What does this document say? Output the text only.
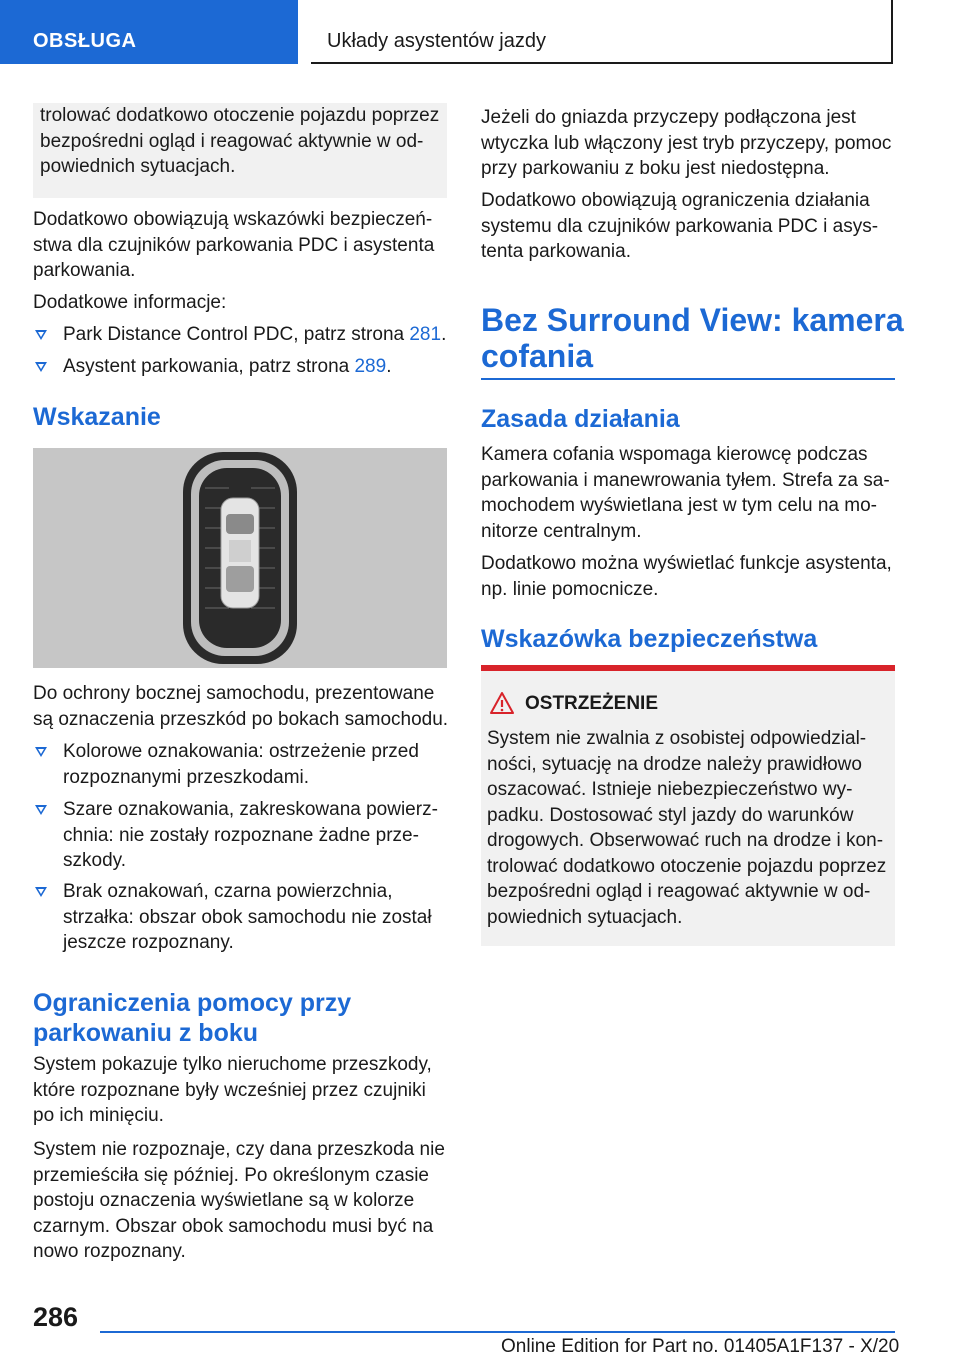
OBSŁUGA	Układy asystentów jazdy

trolować dodatkowo otoczenie pojazdu poprzez

bezpośredni ogląd i reagować aktywnie w od-

powiednich sytuacjach.

Dodatkowo obowiązują wskazówki bezpieczeń-

stwa dla czujników parkowania PDC i asystenta

parkowania.

Dodatkowe informacje:

Park Distance Control PDC, patrz strona 281.
Asystent parkowania, patrz strona 289.
Wskazanie

Do ochrony bocznej samochodu, prezentowane

są oznaczenia przeszkód po bokach samochodu.

Kolorowe oznakowania: ostrzeżenie przed
rozpoznanymi przeszkodami.
Szare oznakowania, zakreskowana powierz-
chnia: nie zostały rozpoznane żadne prze-
szkody.
Brak oznakowań, czarna powierzchnia,
strzałka: obszar obok samochodu nie został
jeszcze rozpoznany.
Ograniczenia pomocy przy
parkowaniu z boku

System pokazuje tylko nieruchome przeszkody,

które rozpoznane były wcześniej przez czujniki

po ich minięciu.

System nie rozpoznaje, czy dana przeszkoda nie

przemieściła się później. Po określonym czasie

postoju oznaczenia wyświetlane są w kolorze

czarnym. Obszar obok samochodu musi być na

nowo rozpoznany.

Jeżeli do gniazda przyczepy podłączona jest

wtyczka lub włączony jest tryb przyczepy, pomoc

przy parkowaniu z boku jest niedostępna.

Dodatkowo obowiązują ograniczenia działania

systemu dla czujników parkowania PDC i asys-

tenta parkowania.

Bez Surround View: kamera
cofania
Zasada działania

Kamera cofania wspomaga kierowcę podczas

parkowania i manewrowania tyłem. Strefa za sa-

mochodem wyświetlana jest w tym celu na mo-

nitorze centralnym.

Dodatkowo można wyświetlać funkcje asystenta,

np. linie pomocnicze.

Wskazówka bezpieczeństwa
OSTRZEŻENIE

System nie zwalnia z osobistej odpowiedzial-

ności, sytuację na drodze należy prawidłowo

oszacować. Istnieje niebezpieczeństwo wy-

padku. Dostosować styl jazdy do warunków

drogowych. Obserwować ruch na drodze i kon-

trolować dodatkowo otoczenie pojazdu poprzez

bezpośredni ogląd i reagować aktywnie w od-

powiednich sytuacjach.

286
Online Edition for Part no. 01405A1F137 - X/20
